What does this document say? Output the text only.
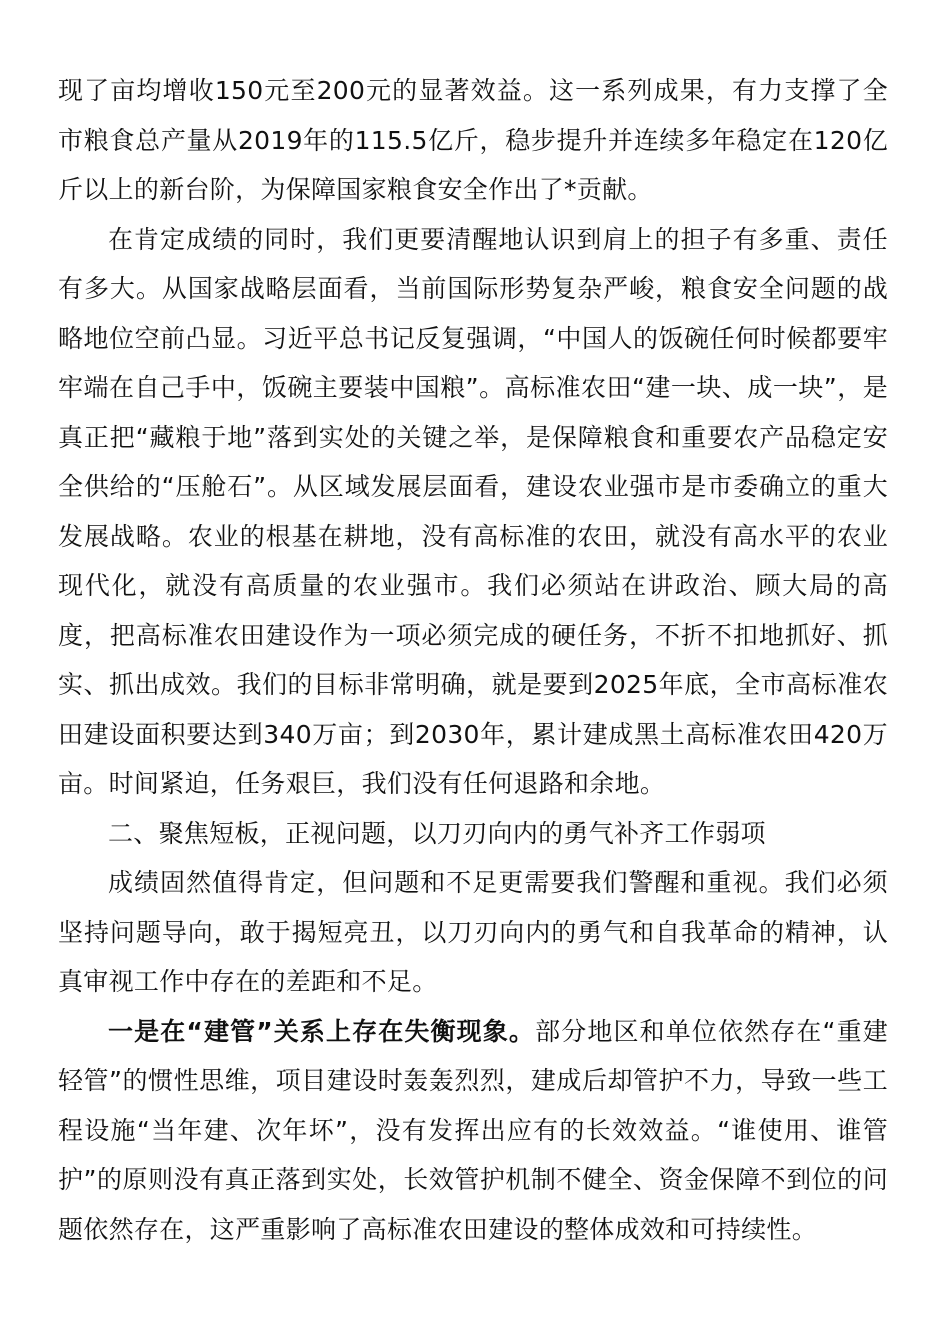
现了亩均增收150元至200元的显著效益。这一系列成果，有力支撑了全市粮食总产量从2019年的115.5亿斤，稳步提升并连续多年稳定在120亿斤以上的新台阶，为保障国家粮食安全作出了*贡献。

在肯定成绩的同时，我们更要清醒地认识到肩上的担子有多重、责任有多大。从国家战略层面看，当前国际形势复杂严峻，粮食安全问题的战略地位空前凸显。习近平总书记反复强调，“中国人的饭碗任何时候都要牢牢端在自己手中，饭碗主要装中国粮”。高标准农田“建一块、成一块”，是真正把“藏粮于地”落到实处的关键之举，是保障粮食和重要农产品稳定安全供给的“压舱石”。从区域发展层面看，建设农业强市是市委确立的重大发展战略。农业的根基在耕地，没有高标准的农田，就没有高水平的农业现代化，就没有高质量的农业强市。我们必须站在讲政治、顾大局的高度，把高标准农田建设作为一项必须完成的硬任务，不折不扣地抓好、抓实、抓出成效。我们的目标非常明确，就是要到2025年底，全市高标准农田建设面积要达到340万亩；到2030年，累计建成黑土高标准农田420万亩。时间紧迫，任务艰巨，我们没有任何退路和余地。

二、聚焦短板，正视问题，以刀刃向内的勇气补齐工作弱项

成绩固然值得肯定，但问题和不足更需要我们警醒和重视。我们必须坚持问题导向，敢于揭短亮丑，以刀刃向内的勇气和自我革命的精神，认真审视工作中存在的差距和不足。

一是在“建管”关系上存在失衡现象。部分地区和单位依然存在“重建轻管”的惯性思维，项目建设时轰轰烈烈，建成后却管护不力，导致一些工程设施“当年建、次年坏”，没有发挥出应有的长效效益。“谁使用、谁管护”的原则没有真正落到实处，长效管护机制不健全、资金保障不到位的问题依然存在，这严重影响了高标准农田建设的整体成效和可持续性。
